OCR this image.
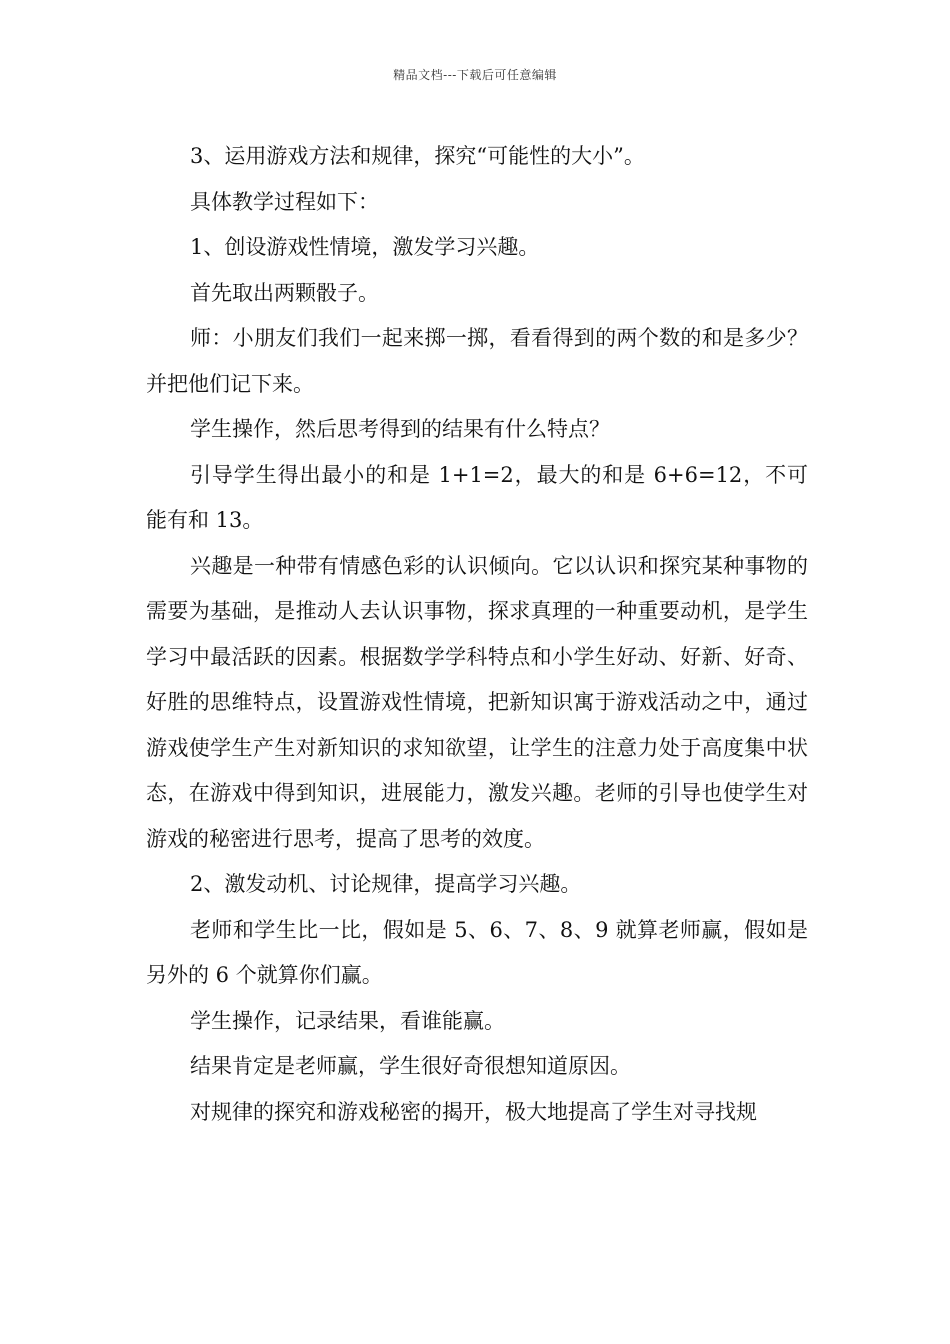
精品文档---下载后可任意编辑

3、运用游戏方法和规律，探究“可能性的大小”。

具体教学过程如下：

1、创设游戏性情境，激发学习兴趣。

首先取出两颗骰子。

师：小朋友们我们一起来掷一掷，看看得到的两个数的和是多少？并把他们记下来。

学生操作，然后思考得到的结果有什么特点？

引导学生得出最小的和是 1+1=2，最大的和是 6+6=12，不可能有和 13。

兴趣是一种带有情感色彩的认识倾向。它以认识和探究某种事物的需要为基础，是推动人去认识事物，探求真理的一种重要动机，是学生学习中最活跃的因素。根据数学学科特点和小学生好动、好新、好奇、好胜的思维特点，设置游戏性情境，把新知识寓于游戏活动之中，通过游戏使学生产生对新知识的求知欲望，让学生的注意力处于高度集中状态，在游戏中得到知识，进展能力，激发兴趣。老师的引导也使学生对游戏的秘密进行思考，提高了思考的效度。

2、激发动机、讨论规律，提高学习兴趣。

老师和学生比一比，假如是 5、6、7、8、9 就算老师赢，假如是另外的 6 个就算你们赢。

学生操作，记录结果，看谁能赢。

结果肯定是老师赢，学生很好奇很想知道原因。

对规律的探究和游戏秘密的揭开，极大地提高了学生对寻找规
